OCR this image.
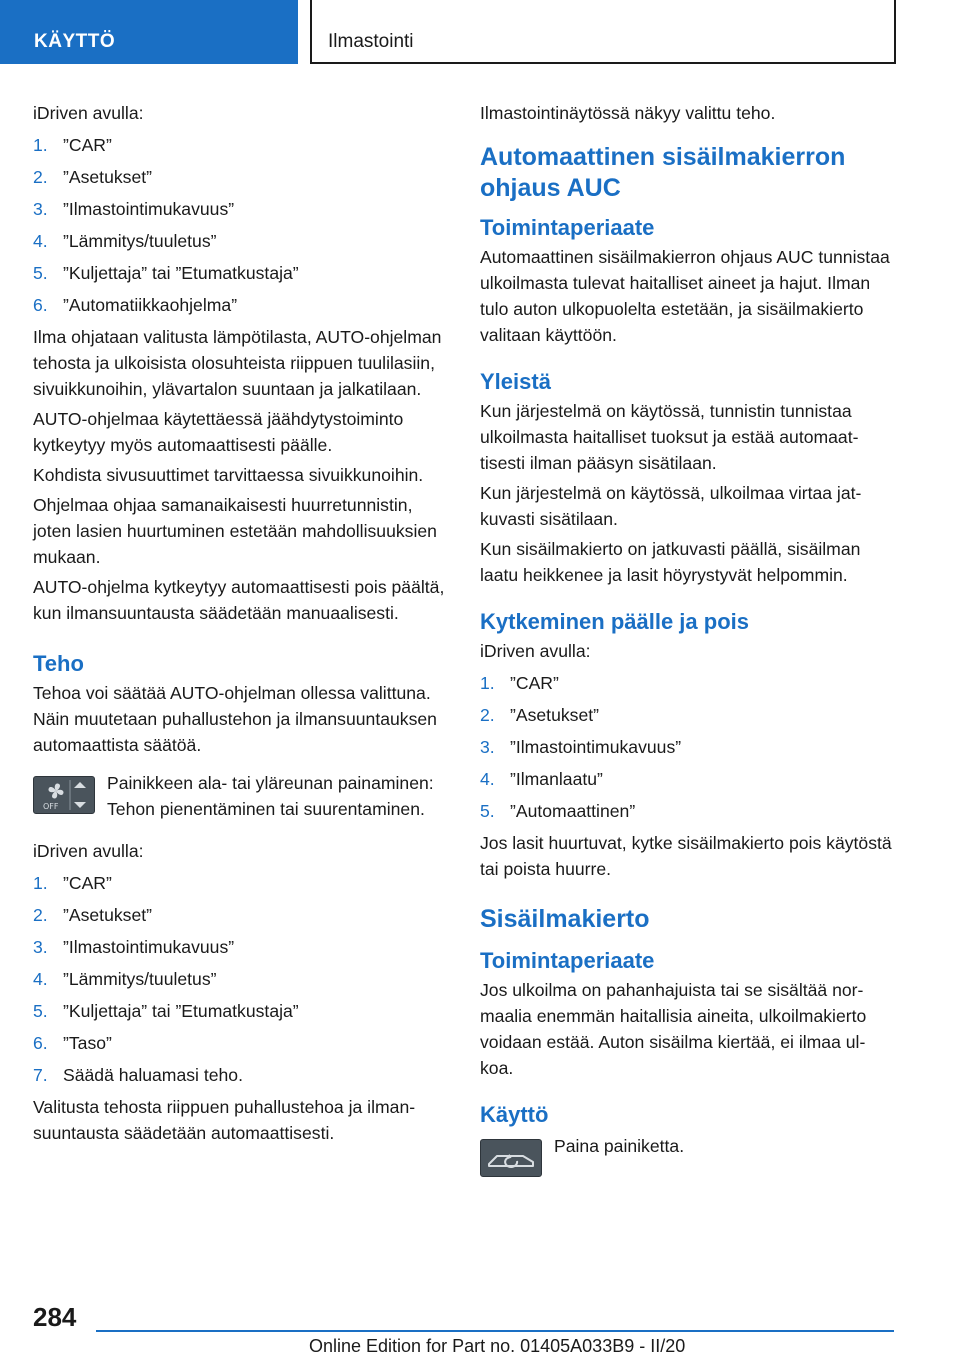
KÄYTTÖ	Ilmastointi

iDriven avulla:

1. ”CAR”
2. ”Asetukset”
3. ”Ilmastointimukavuus”
4. ”Lämmitys/tuuletus”
5. ”Kuljettaja” tai ”Etumatkustaja”
6. ”Automatiikkaohjelma”

Ilma ohjataan valitusta lämpötilasta, AUTO-ohjelman tehosta ja ulkoisista olosuhteista riippuen tuulilasiin, sivuikkunoihin, ylävartalon suuntaan ja jalkatilaan.

AUTO-ohjelmaa käytettäessä jäähdytystoiminto kytkeytyy myös automaattisesti päälle.

Kohdista sivusuuttimet tarvittaessa sivuikkunoihin.

Ohjelmaa ohjaa samanaikaisesti huurretunnistin, joten lasien huurtuminen estetään mahdollisuuksien mukaan.

AUTO-ohjelma kytkeytyy automaattisesti pois päältä, kun ilmansuuntausta säädetään manuaalisesti.

Teho

Tehoa voi säätää AUTO-ohjelman ollessa valittuna. Näin muutetaan puhallustehon ja ilmansuuntauksen automaattista säätöä.

OFF

Painikkeen ala- tai yläreunan painaminen: Tehon pienentäminen tai suurentaminen.

iDriven avulla:

1. ”CAR”
2. ”Asetukset”
3. ”Ilmastointimukavuus”
4. ”Lämmitys/tuuletus”
5. ”Kuljettaja” tai ”Etumatkustaja”
6. ”Taso”
7. Säädä haluamasi teho.

Valitusta tehosta riippuen puhallustehoa ja ilmansuuntausta säädetään automaattisesti.

Ilmastointinäytössä näkyy valittu teho.

Automaattinen sisäilmakierron ohjaus AUC
Toimintaperiaate

Automaattinen sisäilmakierron ohjaus AUC tunnistaa ulkoilmasta tulevat haitalliset aineet ja hajut. Ilman tulo auton ulkopuolelta estetään, ja sisäilmakierto valitaan käyttöön.

Yleistä

Kun järjestelmä on käytössä, tunnistin tunnistaa ulkoilmasta haitalliset tuoksut ja estää automaattisesti ilman pääsyn sisätilaan.

Kun järjestelmä on käytössä, ulkoilmaa virtaa jatkuvasti sisätilaan.

Kun sisäilmakierto on jatkuvasti päällä, sisäilman laatu heikkenee ja lasit höyrystyvät helpommin.

Kytkeminen päälle ja pois

iDriven avulla:

1. ”CAR”
2. ”Asetukset”
3. ”Ilmastointimukavuus”
4. ”Ilmanlaatu”
5. ”Automaattinen”

Jos lasit huurtuvat, kytke sisäilmakierto pois käytöstä tai poista huurre.

Sisäilmakierto
Toimintaperiaate

Jos ulkoilma on pahanhajuista tai se sisältää normaalia enemmän haitallisia aineita, ulkoilmakierto voidaan estää. Auton sisäilma kiertää, ei ilmaa ulkoa.

Käyttö

Paina painiketta.

284
Online Edition for Part no. 01405A033B9 - II/20
